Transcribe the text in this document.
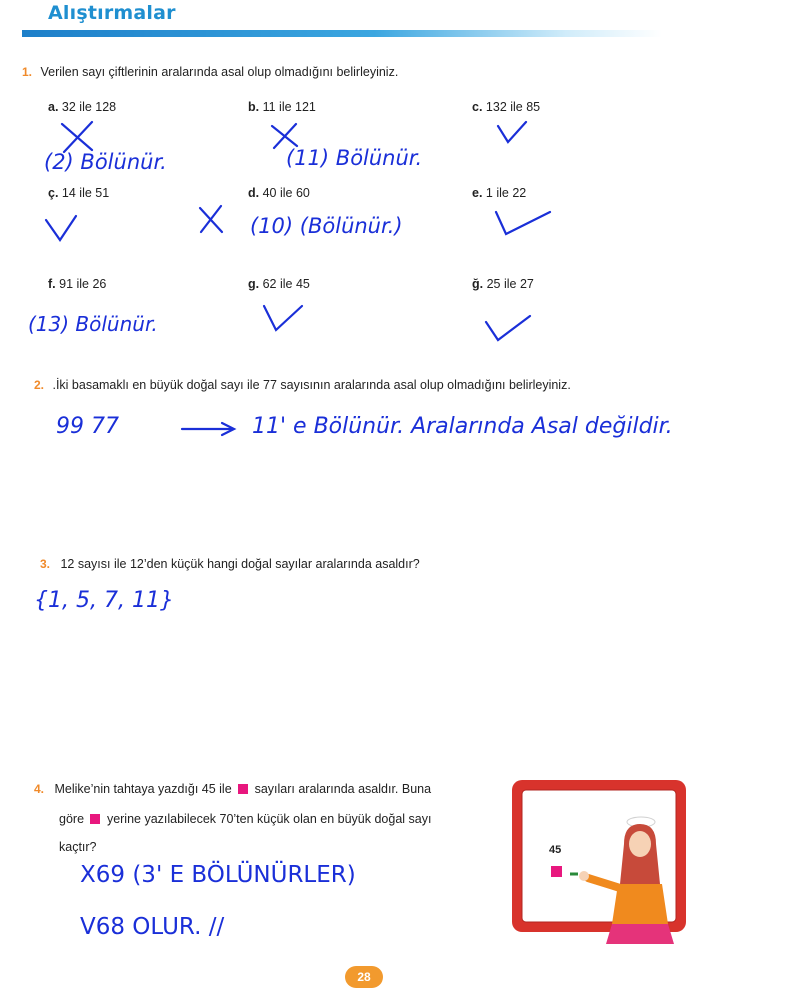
Alıştırmalar
1. Verilen sayı çiftlerinin aralarında asal olup olmadığını belirleyiniz.
a. 32 ile 128	b. 11 ile 121	c. 132 ile 85
ç. 14 ile 51	d. 40 ile 60	e. 1 ile 22
f. 91 ile 26	g. 62 ile 45	ğ. 25 ile 27
(2) Bölünür.	(11) Bölünür.
(10) (Bölünür.)
(13) Bölünür.
2. .İki basamaklı en büyük doğal sayı ile 77 sayısının aralarında asal olup olmadığını belirleyiniz.
99 77	11' e Bölünür. Aralarında Asal değildir.
3. 12 sayısı ile 12’den küçük hangi doğal sayılar aralarında asaldır?
{1, 5, 7, 11}
4. Melike’nin tahtaya yazdığı 45 ile sayıları aralarında asaldır. Buna
göre yerine yazılabilecek 70’ten küçük olan en büyük doğal sayı
kaçtır?
X69 (3' E BÖLÜNÜRLER)
V68 OLUR. //
45
28
